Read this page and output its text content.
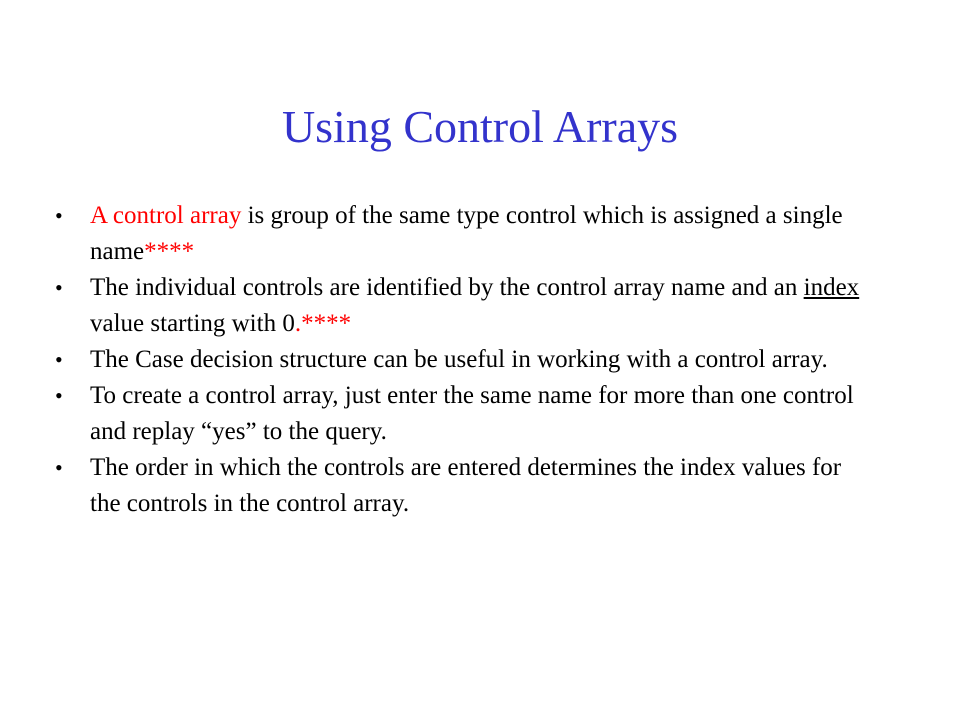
Using Control Arrays
•	A control array is group of the same type control which is assigned a single name****
•	The individual controls are identified by the control array name and an index value starting with 0.****
•	The Case decision structure can be useful in working with a control array.
•	To create a control array, just enter the same name for more than one control and replay “yes” to the query.
•	The order in which the controls are entered determines the index values for the controls in the control array.
